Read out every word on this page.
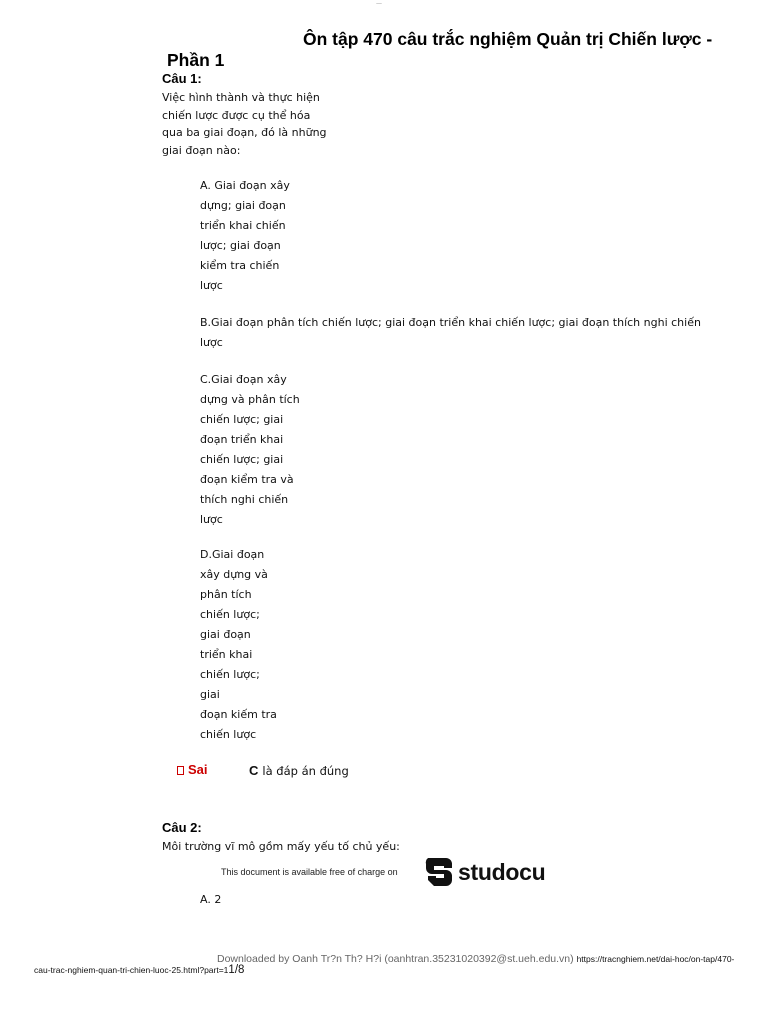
—
Ôn tập 470 câu trắc nghiệm Quản trị Chiến lược -
Phần 1
Câu 1:
Việc hình thành và thực hiện
chiến lược được cụ thể hóa
qua ba giai đoạn, đó là những
giai đoạn nào:
A. Giai đoạn xây
dựng; giai đoạn
triển khai chiến
lược; giai đoạn
kiểm tra chiến
lược
B.Giai đoạn phân tích chiến lược; giai đoạn triển khai chiến lược; giai đoạn thích nghi chiến
lược
C.Giai đoạn xây
dựng và phân tích
chiến lược; giai
đoạn triển khai
chiến lược; giai
đoạn kiểm tra và
thích nghi chiến
lược
D.Giai đoạn
xây dựng và
phân tích
chiến lược;
giai đoạn
triển khai
chiến lược;
giai
đoạn kiếm tra
chiến lược
Sai	C là đáp án đúng
Câu 2:
Môi trường vĩ mô gồm mấy yếu tố chủ yếu:
This document is available free of charge on	studocu
A. 2
Downloaded by Oanh Tr?n Th? H?i (oanhtran.35231020392@st.ueh.edu.vn) https://tracnghiem.net/dai-hoc/on-tap/470-
cau-trac-nghiem-quan-tri-chien-luoc-25.html?part=11/8
